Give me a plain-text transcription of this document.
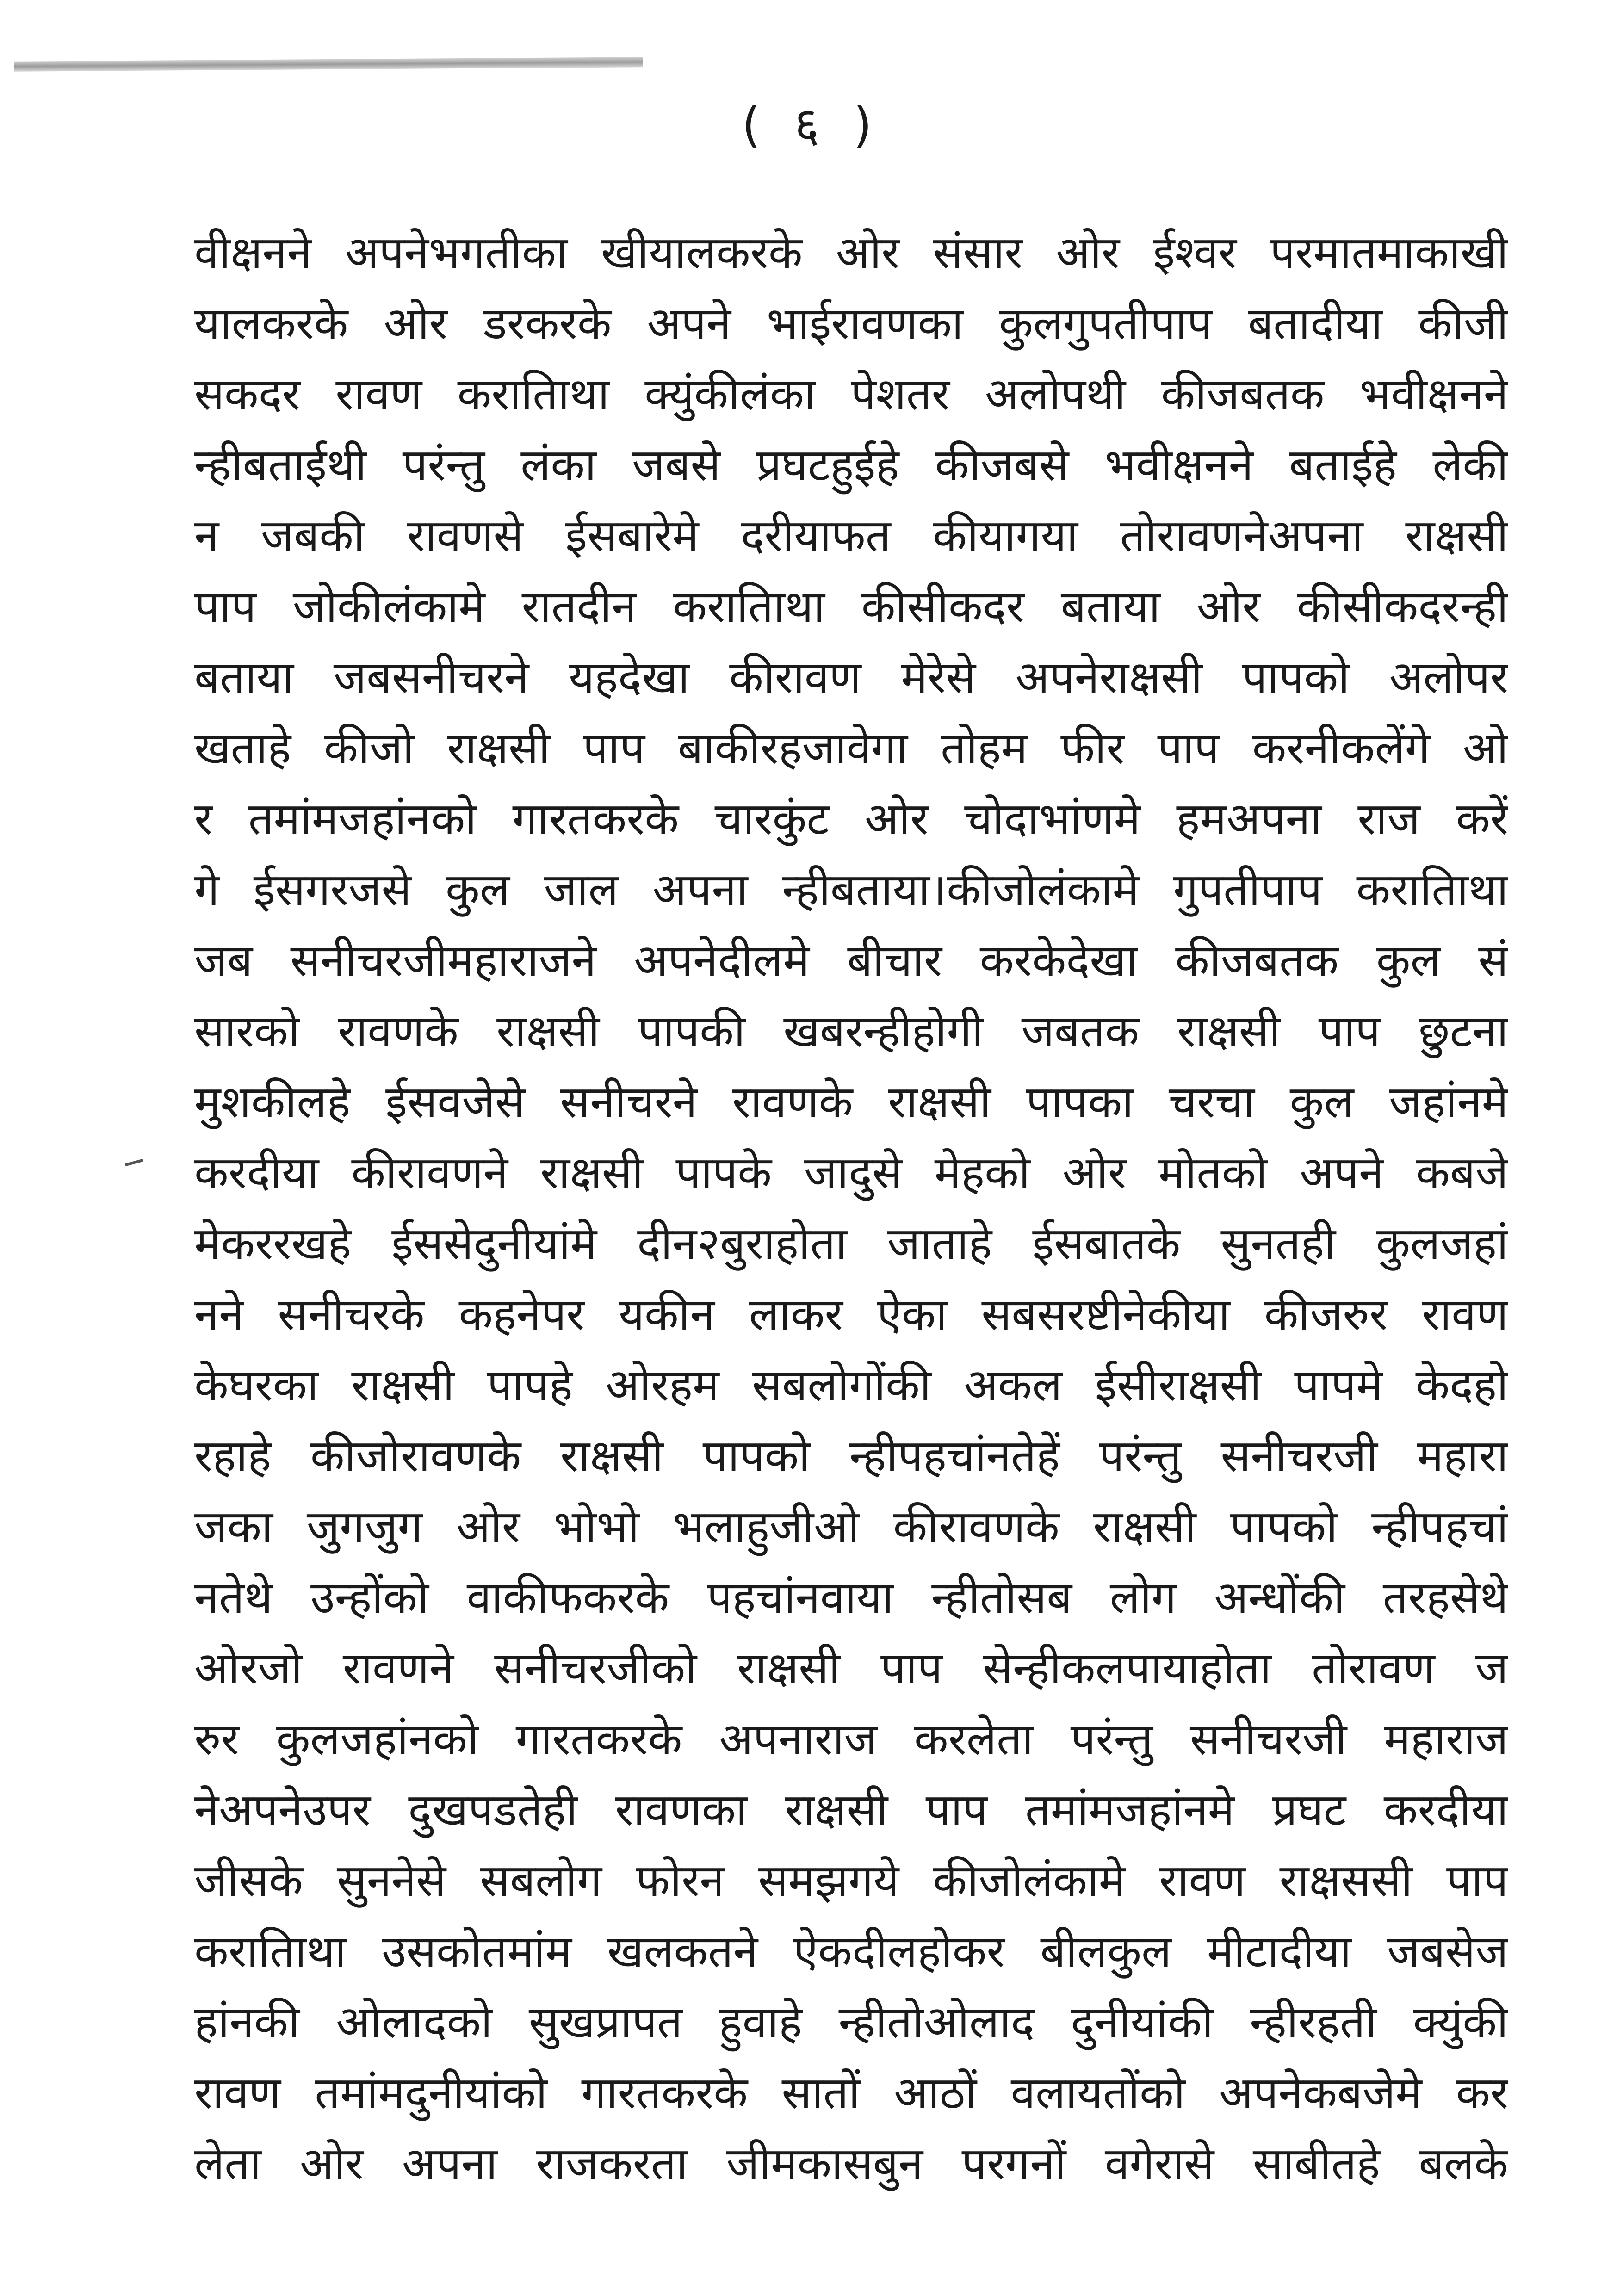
( ६ )
वीक्षनने अपनेभगतीका खीयालकरके ओर संसार ओर ईश्वर परमातमाकाखी
यालकरके ओर डरकरके अपने भाईरावणका कुलगुपतीपाप बतादीया कीजी
सकदर रावण करातािथा क्युंकीलंका पेशतर अलोपथी कीजबतक भवीक्षनने
न्हीबताईथी परंन्तु लंका जबसे प्रघटहुईहे कीजबसे भवीक्षनने बताईहे लेकी
न जबकी रावणसे ईसबारेमे दरीयाफत कीयागया तोरावणनेअपना राक्षसी
पाप जोकीलंकामे रातदीन करातािथा कीसीकदर बताया ओर कीसीकदरन्ही
बताया जबसनीचरने यहदेखा कीरावण मेरेसे अपनेराक्षसी पापको अलोपर
खताहे कीजो राक्षसी पाप बाकीरहजावेगा तोहम फीर पाप करनीकलेंगे ओ
र तमांमजहांनको गारतकरके चारकुंट ओर चोदाभांणमे हमअपना राज करें
गे ईसगरजसे कुल जाल अपना न्हीबताया।कीजोलंकामे गुपतीपाप करातािथा
जब सनीचरजीमहाराजने अपनेदीलमे बीचार करकेदेखा कीजबतक कुल सं
सारको रावणके राक्षसी पापकी खबरन्हीहोगी जबतक राक्षसी पाप छुटना
मुशकीलहे ईसवजेसे सनीचरने रावणके राक्षसी पापका चरचा कुल जहांनमे
करदीया कीरावणने राक्षसी पापके जादुसे मेहको ओर मोतको अपने कबजे
मेकररखहे ईससेदुनीयांमे दीन२बुराहोता जाताहे ईसबातके सुनतही कुलजहां
नने सनीचरके कहनेपर यकीन लाकर ऐका सबसरष्टीनेकीया कीजरुर रावण
केघरका राक्षसी पापहे ओरहम सबलोगोंकी अकल ईसीराक्षसी पापमे केदहो
रहाहे कीजोरावणके राक्षसी पापको न्हीपहचांनतेहें परंन्तु सनीचरजी महारा
जका जुगजुग ओर भोभो भलाहुजीओ कीरावणके राक्षसी पापको न्हीपहचां
नतेथे उन्होंको वाकीफकरके पहचांनवाया न्हीतोसब लोग अन्धोंकी तरहसेथे
ओरजो रावणने सनीचरजीको राक्षसी पाप सेन्हीकलपायाहोता तोरावण ज
रुर कुलजहांनको गारतकरके अपनाराज करलेता परंन्तु सनीचरजी महाराज
नेअपनेउपर दुखपडतेही रावणका राक्षसी पाप तमांमजहांनमे प्रघट करदीया
जीसके सुननेसे सबलोग फोरन समझगये कीजोलंकामे रावण राक्षससी पाप
करातािथा उसकोतमांम खलकतने ऐकदीलहोकर बीलकुल मीटादीया जबसेज
हांनकी ओलादको सुखप्रापत हुवाहे न्हीतोओलाद दुनीयांकी न्हीरहती क्युंकी
रावण तमांमदुनीयांको गारतकरके सातों आठों वलायतोंको अपनेकबजेमे कर
लेता ओर अपना राजकरता जीमकासबुन परगनों वगेरासे साबीतहे बलके
